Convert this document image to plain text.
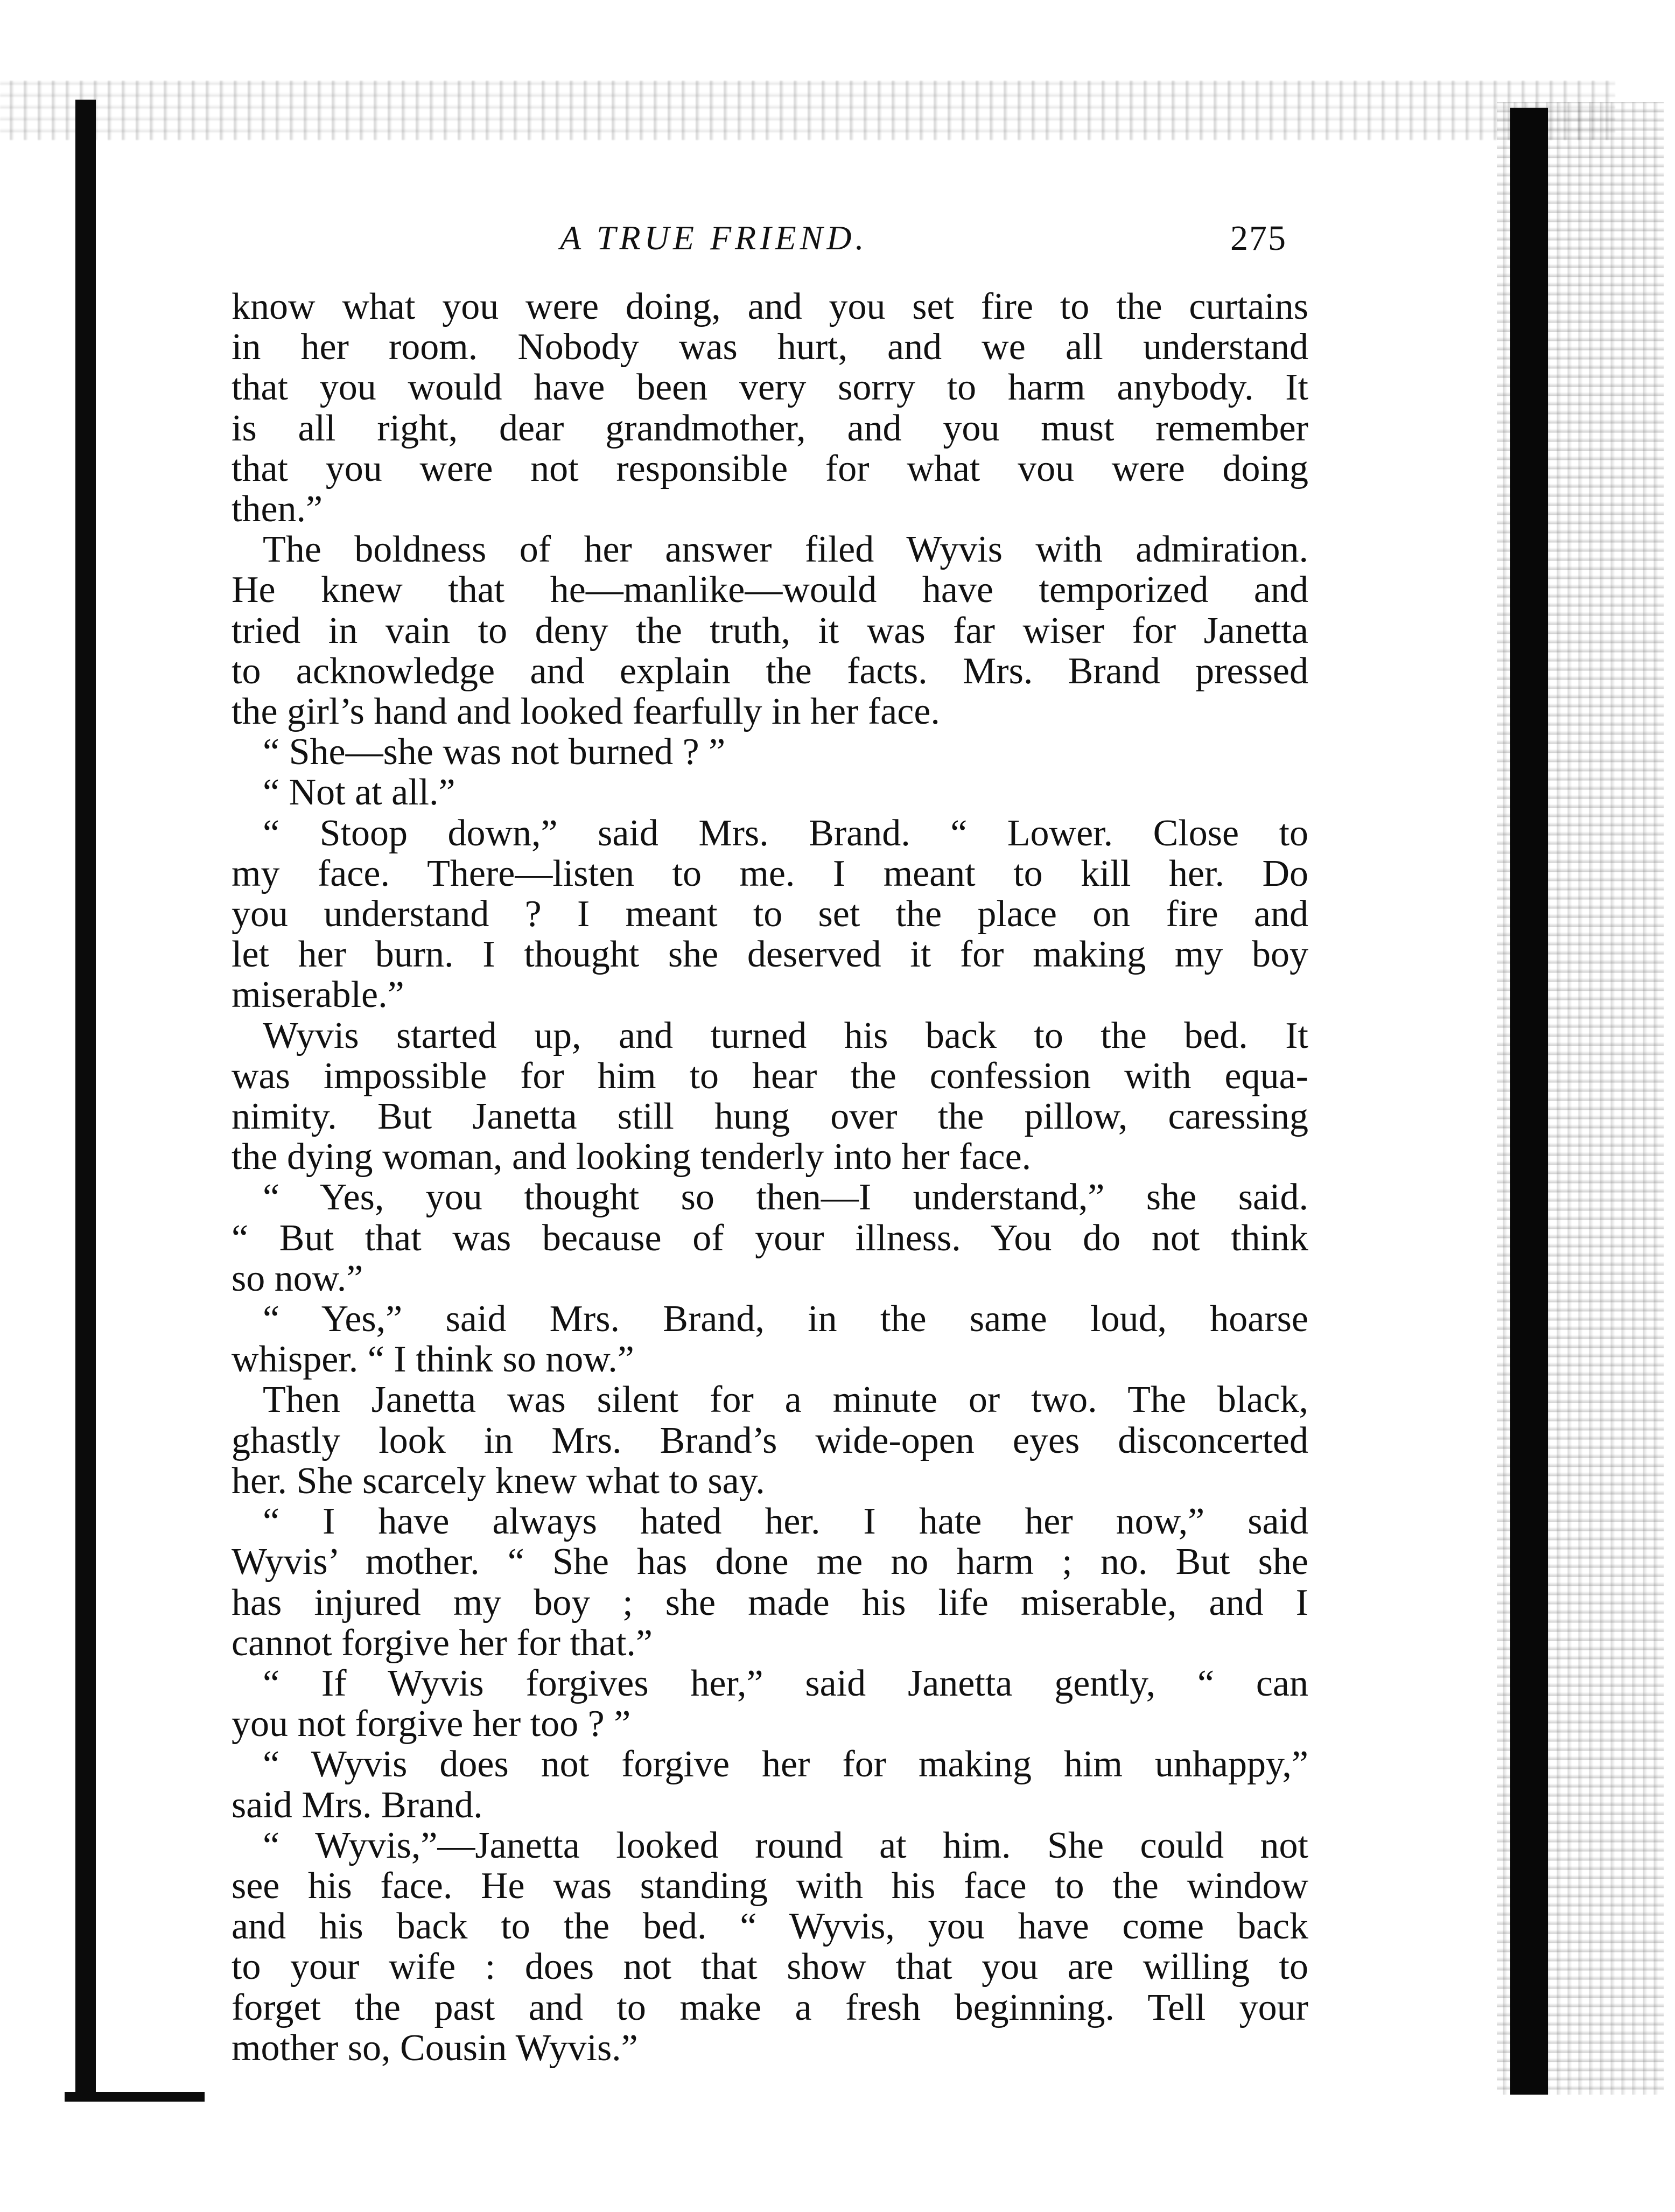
A TRUE FRIEND.	275
know what you were doing, and you set fire to the curtains
in her room. Nobody was hurt, and we all understand
that you would have been very sorry to harm anybody. It
is all right, dear grandmother, and you must remember
that you were not responsible for what vou were doing
then.”
The boldness of her answer filed Wyvis with admiration.
He knew that he—manlike—would have temporized and
tried in vain to deny the truth, it was far wiser for Janetta
to acknowledge and explain the facts. Mrs. Brand pressed
the girl’s hand and looked fearfully in her face.
“ She—she was not burned ? ”
“ Not at all.”
“ Stoop down,” said Mrs. Brand. “ Lower. Close to
my face. There—listen to me. I meant to kill her. Do
you understand ? I meant to set the place on fire and
let her burn. I thought she deserved it for making my boy
miserable.”
Wyvis started up, and turned his back to the bed. It
was impossible for him to hear the confession with equa-
nimity. But Janetta still hung over the pillow, caressing
the dying woman, and looking tenderly into her face.
“ Yes, you thought so then—I understand,” she said.
“ But that was because of your illness. You do not think
so now.”
“ Yes,” said Mrs. Brand, in the same loud, hoarse
whisper. “ I think so now.”
Then Janetta was silent for a minute or two. The black,
ghastly look in Mrs. Brand’s wide-open eyes disconcerted
her. She scarcely knew what to say.
“ I have always hated her. I hate her now,” said
Wyvis’ mother. “ She has done me no harm ; no. But she
has injured my boy ; she made his life miserable, and I
cannot forgive her for that.”
“ If Wyvis forgives her,” said Janetta gently, “ can
you not forgive her too ? ”
“ Wyvis does not forgive her for making him unhappy,”
said Mrs. Brand.
“ Wyvis,”—Janetta looked round at him. She could not
see his face. He was standing with his face to the window
and his back to the bed. “ Wyvis, you have come back
to your wife : does not that show that you are willing to
forget the past and to make a fresh beginning. Tell your
mother so, Cousin Wyvis.”
